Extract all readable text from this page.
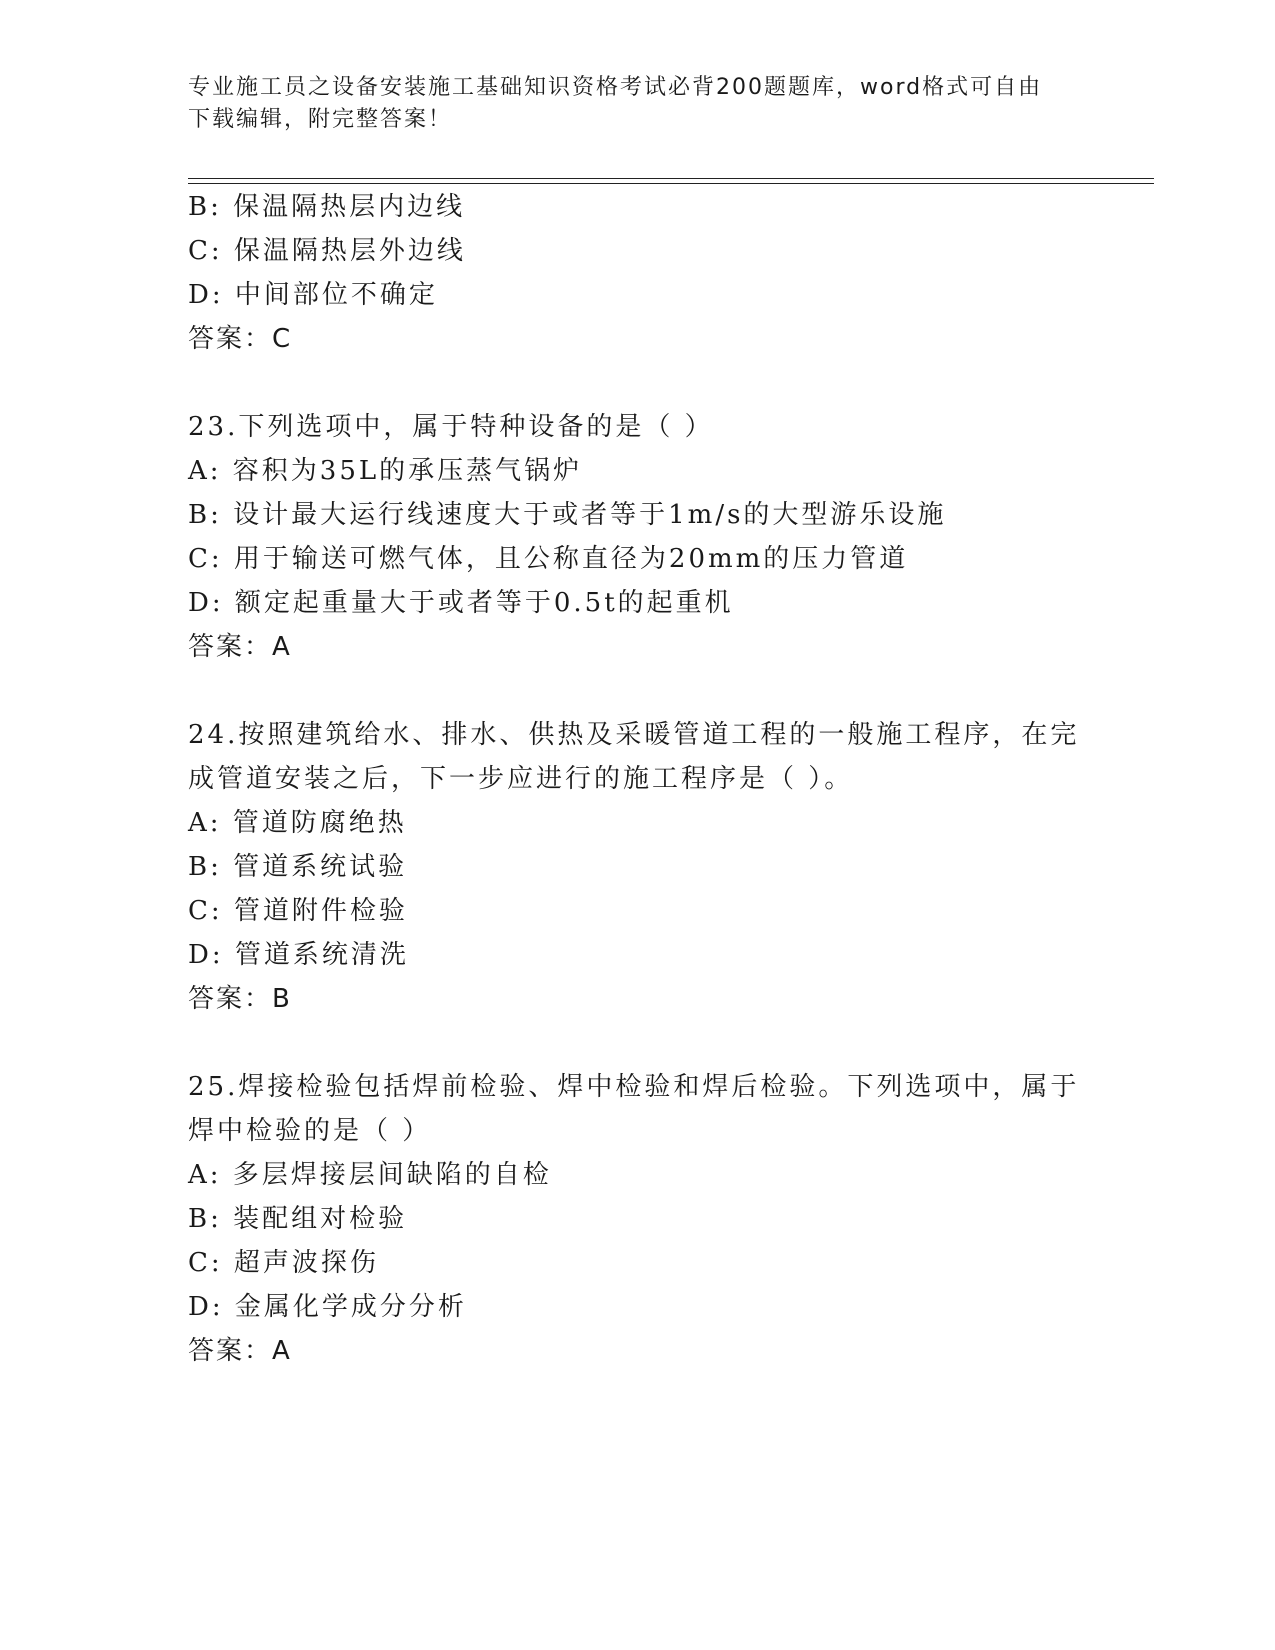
专业施工员之设备安装施工基础知识资格考试必背200题题库，word格式可自由
下载编辑，附完整答案！
B: 保温隔热层内边线
C: 保温隔热层外边线
D: 中间部位不确定
答案：C
23.下列选项中，属于特种设备的是（ ）
A: 容积为35L的承压蒸气锅炉
B: 设计最大运行线速度大于或者等于1m/s的大型游乐设施
C: 用于输送可燃气体，且公称直径为20mm的压力管道
D: 额定起重量大于或者等于0.5t的起重机
答案：A
24.按照建筑给水、排水、供热及采暖管道工程的一般施工程序，在完
成管道安装之后，下一步应进行的施工程序是（ ）。
A: 管道防腐绝热
B: 管道系统试验
C: 管道附件检验
D: 管道系统清洗
答案：B
25.焊接检验包括焊前检验、焊中检验和焊后检验。下列选项中，属于
焊中检验的是（ ）
A: 多层焊接层间缺陷的自检
B: 装配组对检验
C: 超声波探伤
D: 金属化学成分分析
答案：A
